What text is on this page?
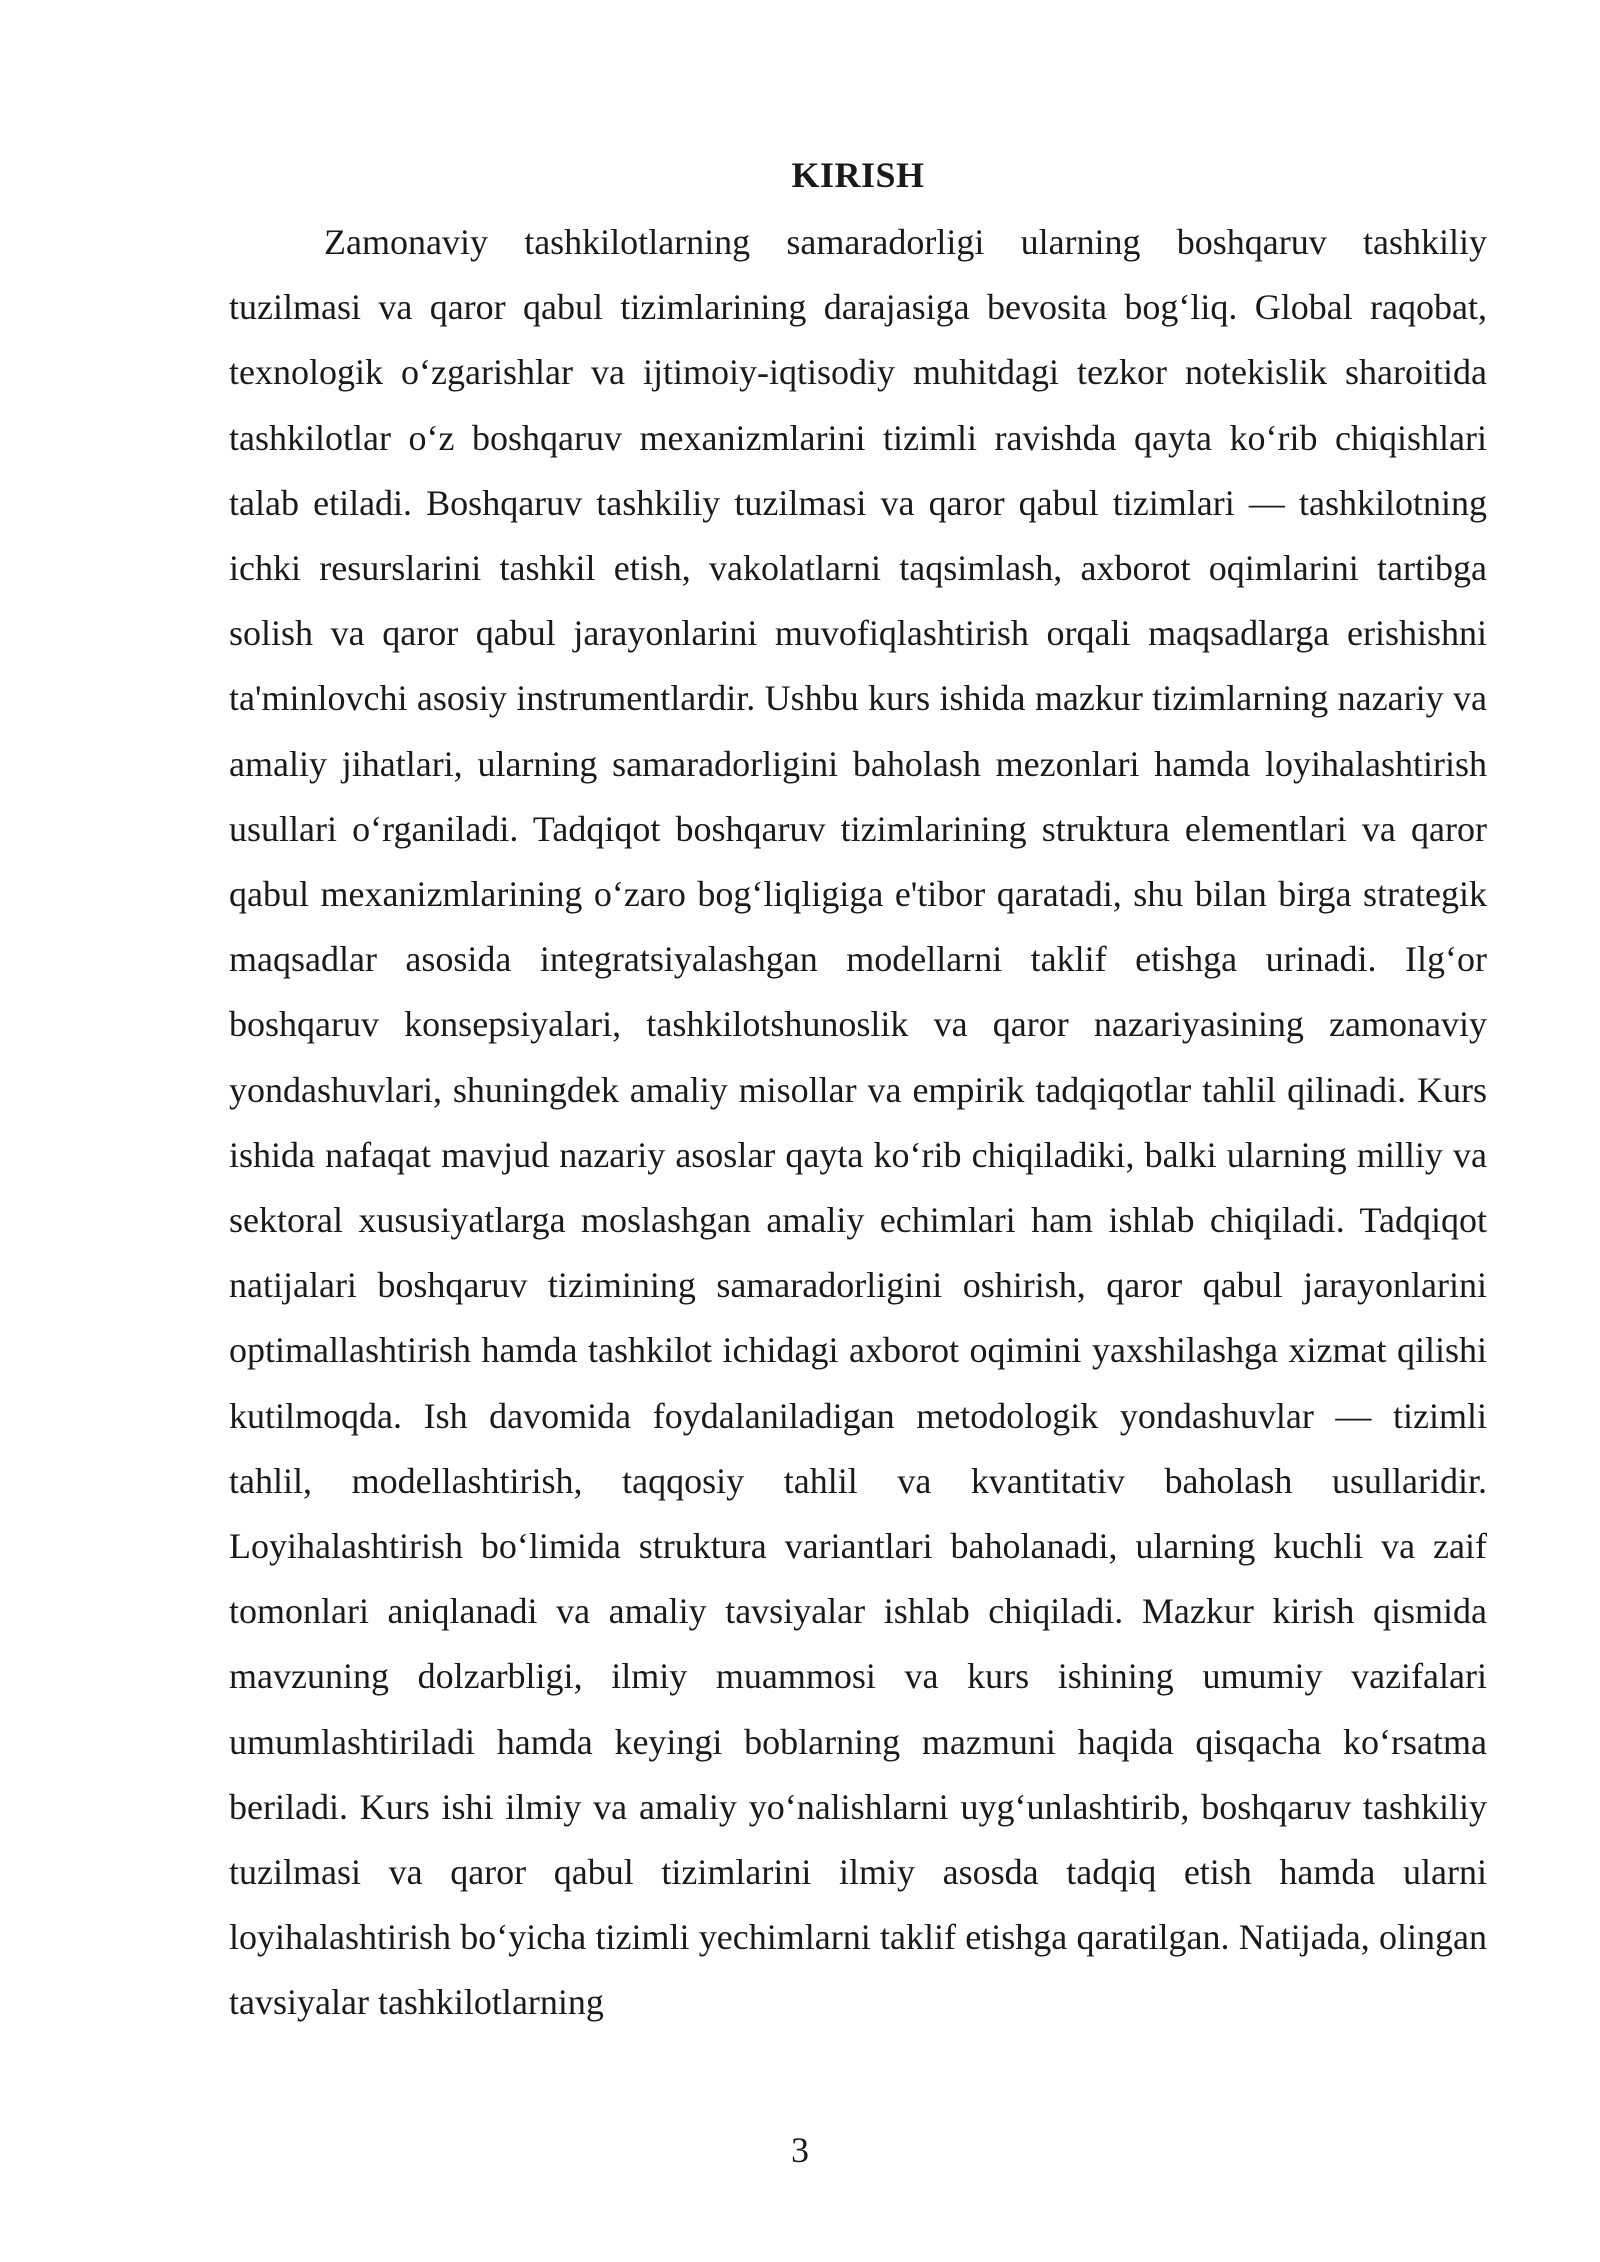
KIRISH

Zamonaviy tashkilotlarning samaradorligi ularning boshqaruv tashkiliy tuzilmasi va qaror qabul tizimlarining darajasiga bevosita bog‘liq. Global raqobat, texnologik o‘zgarishlar va ijtimoiy-iqtisodiy muhitdagi tezkor notekislik sharoitida tashkilotlar o‘z boshqaruv mexanizmlarini tizimli ravishda qayta ko‘rib chiqishlari talab etiladi. Boshqaruv tashkiliy tuzilmasi va qaror qabul tizimlari — tashkilotning ichki resurslarini tashkil etish, vakolatlarni taqsimlash, axborot oqimlarini tartibga solish va qaror qabul jarayonlarini muvofiqlashtirish orqali maqsadlarga erishishni ta'minlovchi asosiy instrumentlardir. Ushbu kurs ishida mazkur tizimlarning nazariy va amaliy jihatlari, ularning samaradorligini baholash mezonlari hamda loyihalashtirish usullari o‘rganiladi. Tadqiqot boshqaruv tizimlarining struktura elementlari va qaror qabul mexanizmlarining o‘zaro bog‘liqligiga e'tibor qaratadi, shu bilan birga strategik maqsadlar asosida integratsiyalashgan modellarni taklif etishga urinadi. Ilg‘or boshqaruv konsepsiyalari, tashkilotshunoslik va qaror nazariyasining zamonaviy yondashuvlari, shuningdek amaliy misollar va empirik tadqiqotlar tahlil qilinadi. Kurs ishida nafaqat mavjud nazariy asoslar qayta ko‘rib chiqiladiki, balki ularning milliy va sektoral xususiyatlarga moslashgan amaliy echimlari ham ishlab chiqiladi. Tadqiqot natijalari boshqaruv tizimining samaradorligini oshirish, qaror qabul jarayonlarini optimallashtirish hamda tashkilot ichidagi axborot oqimini yaxshilashga xizmat qilishi kutilmoqda. Ish davomida foydalaniladigan metodologik yondashuvlar — tizimli tahlil, modellashtirish, taqqosiy tahlil va kvantitativ baholash usullaridir. Loyihalashtirish bo‘limida struktura variantlari baholanadi, ularning kuchli va zaif tomonlari aniqlanadi va amaliy tavsiyalar ishlab chiqiladi. Mazkur kirish qismida mavzuning dolzarbligi, ilmiy muammosi va kurs ishining umumiy vazifalari umumlashtiriladi hamda keyingi boblarning mazmuni haqida qisqacha ko‘rsatma beriladi. Kurs ishi ilmiy va amaliy yo‘nalishlarni uyg‘unlashtirib, boshqaruv tashkiliy tuzilmasi va qaror qabul tizimlarini ilmiy asosda tadqiq etish hamda ularni loyihalashtirish bo‘yicha tizimli yechimlarni taklif etishga qaratilgan. Natijada, olingan tavsiyalar tashkilotlarning

3
